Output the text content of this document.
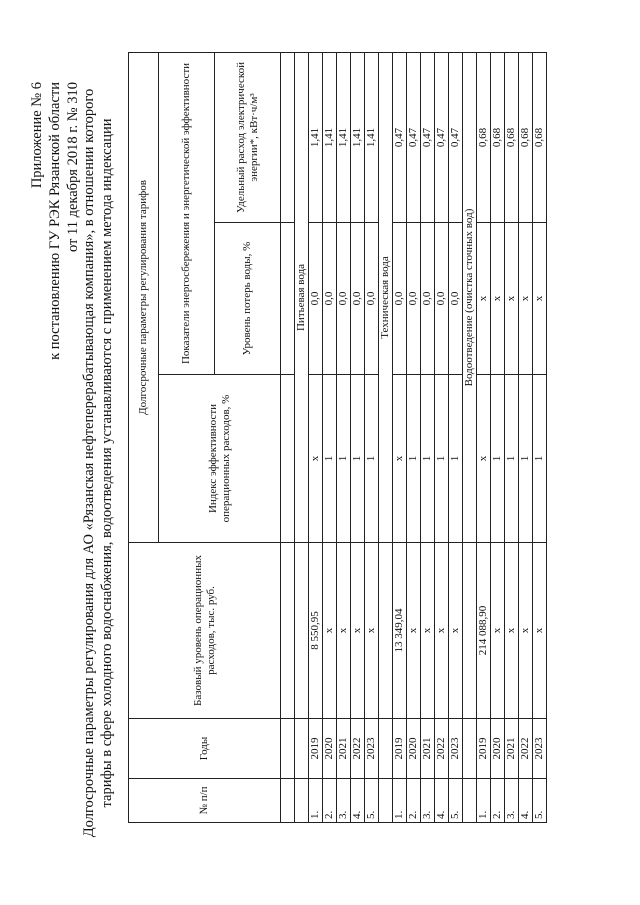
Приложение № 6 к постановлению ГУ РЭК Рязанской области от 11 декабря 2018 г. № 310 Долгосрочные параметры регулирования для АО «Рязанская нефтеперерабатывающая компания», в отношении которого тарифы в сфере холодного водоснабжения, водоотведения устанавливаются с применением метода индексации	№ п/п	Годы	Базовый уровень операционных расходов, тыс. руб.	Долгосрочные параметры регулирования тарифов		
			Индекс эффективности операционных расходов, %	Показатели энергосбережения и энергетической эффективности	
				Уровень потерь воды, %	Удельный расход электрической энергии*, кВт·ч/м³

			Питьевая вода		
1.	2019	8 550,95	x	0,0	1,41
2.	2020	x	1	0,0	1,41
3.	2021	x	1	0,0	1,41
4.	2022	x	1	0,0	1,41
5.	2023	x	1	0,0	1,41
			Техническая вода		
1.	2019	13 349,04	x	0,0	0,47
2.	2020	x	1	0,0	0,47
3.	2021	x	1	0,0	0,47
4.	2022	x	1	0,0	0,47
5.	2023	x	1	0,0	0,47
			Водоотведение (очистка сточных вод)		
1.	2019	214 088,90	x	x	0,68
2.	2020	x	1	x	0,68
3.	2021	x	1	x	0,68
4.	2022	x	1	x	0,68
5.	2023	x	1	x	0,68
